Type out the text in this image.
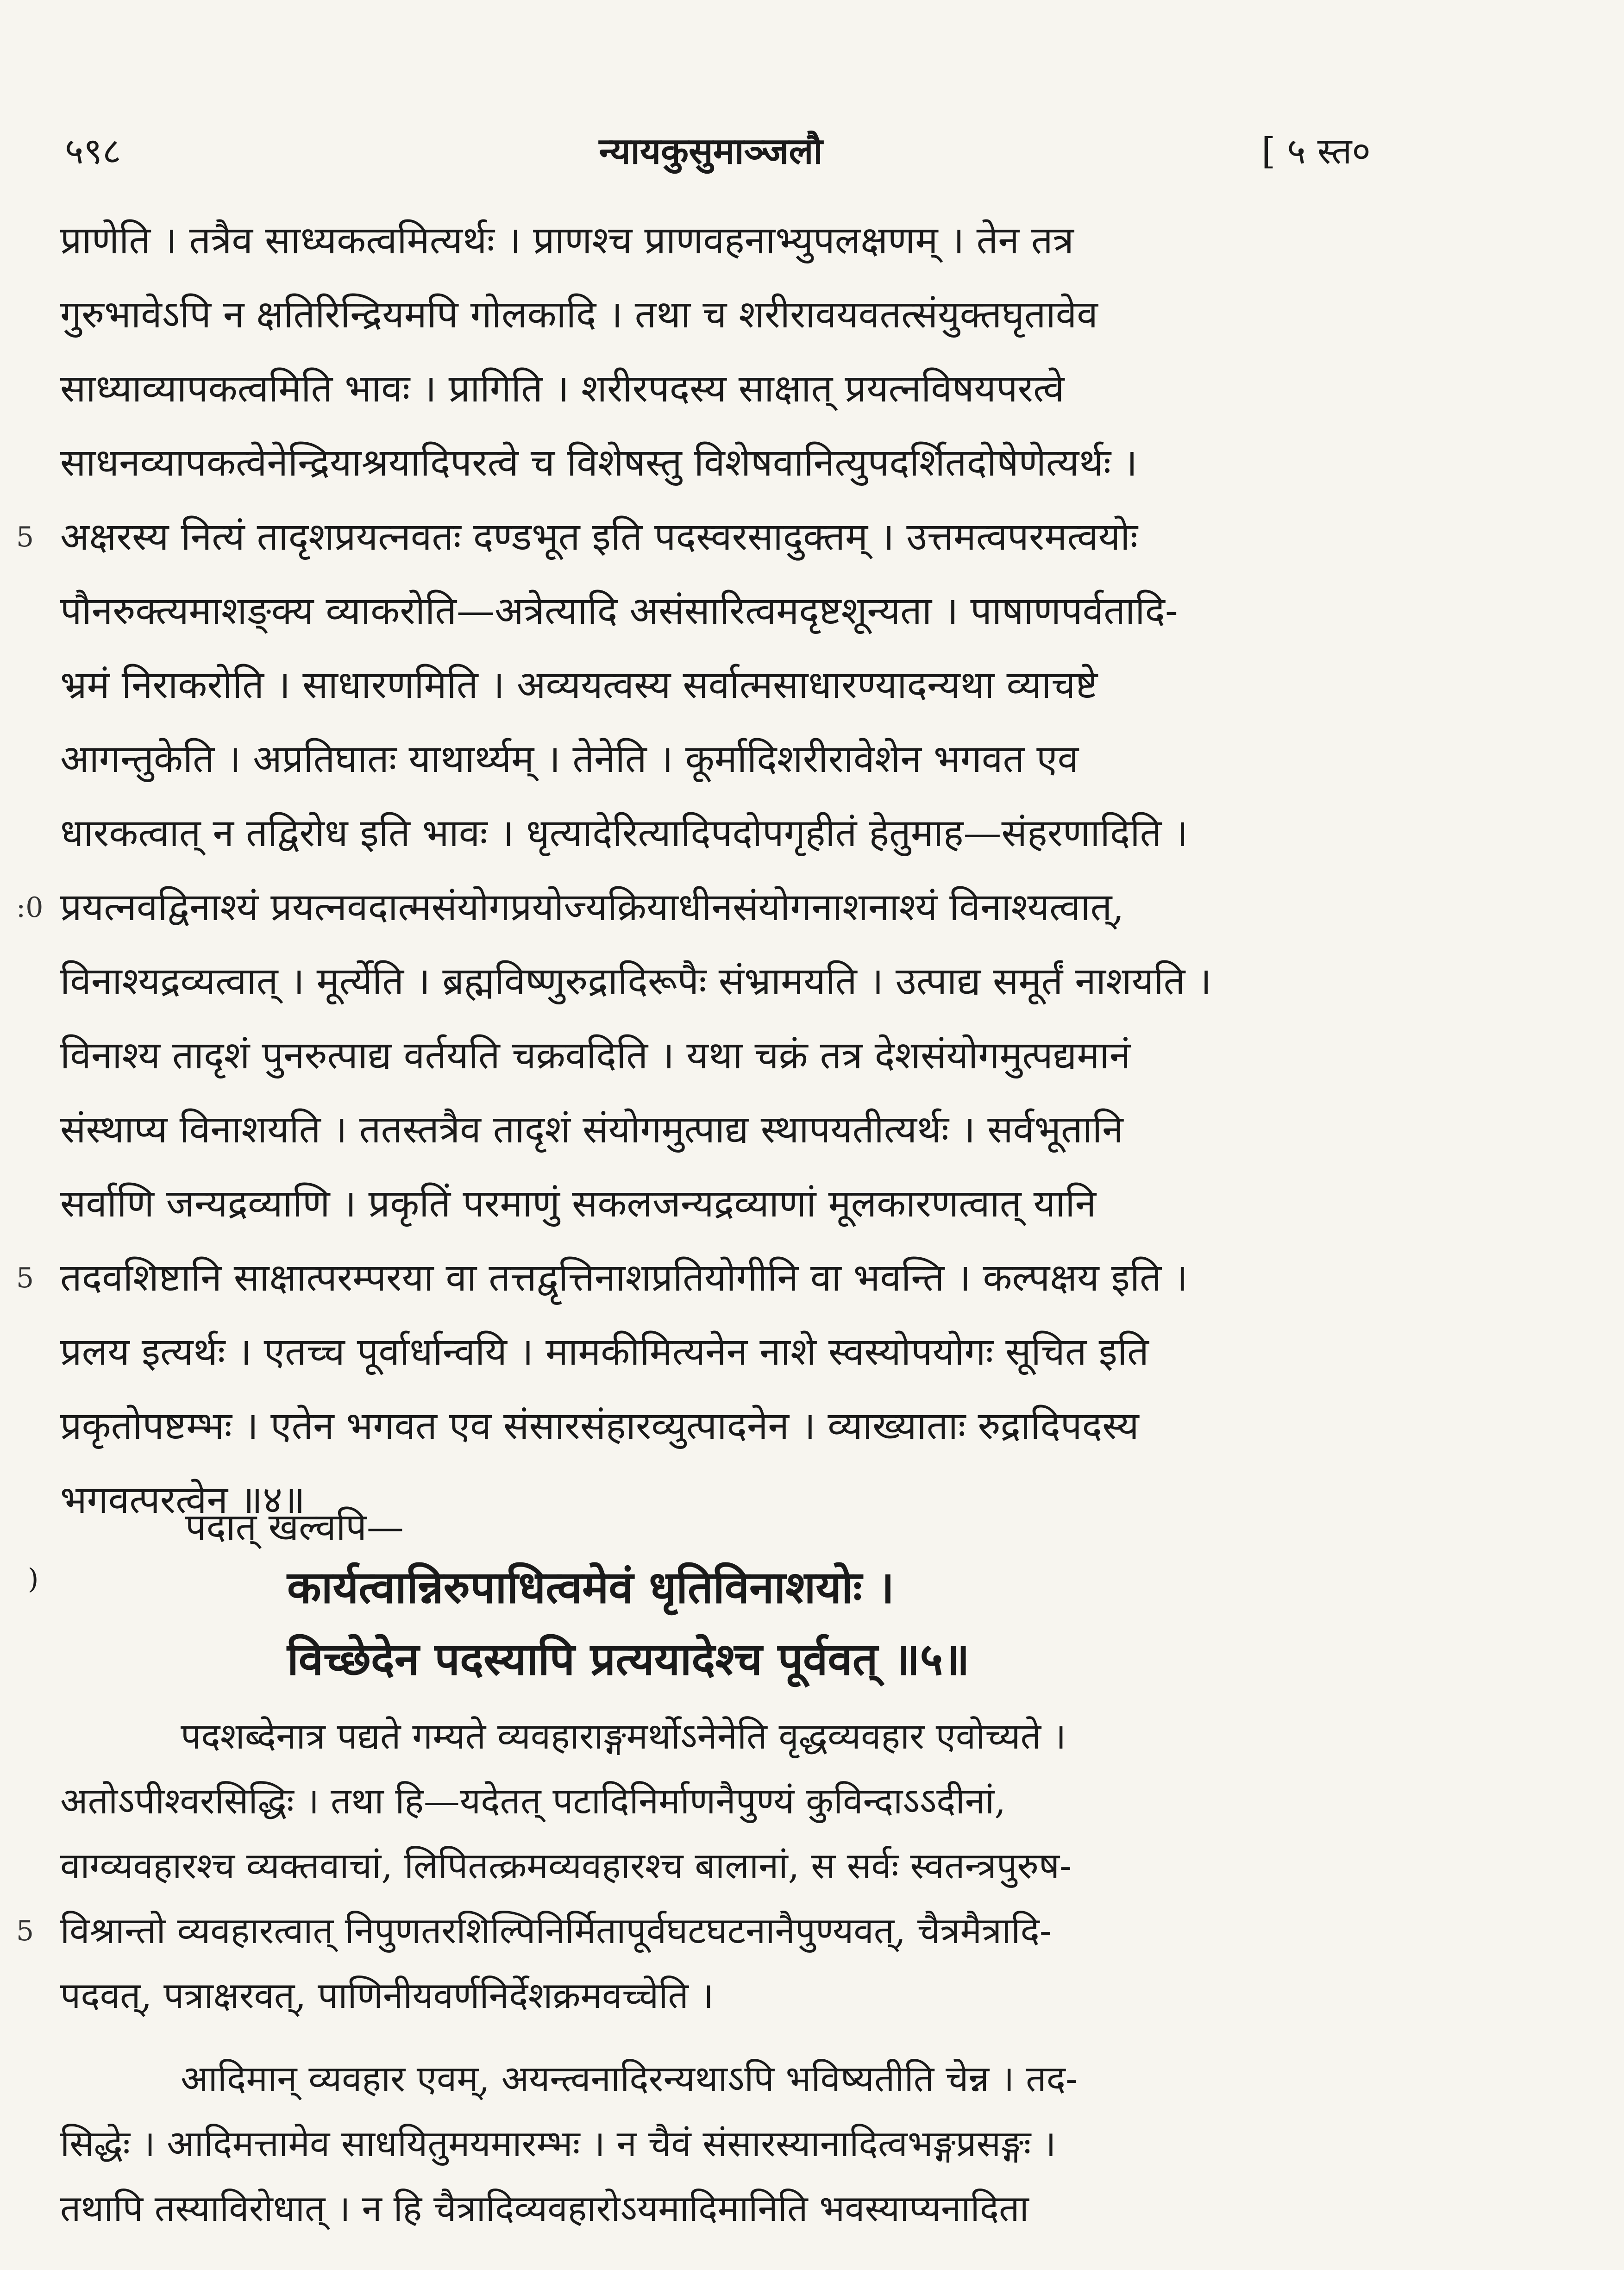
५९८	न्यायकुसुमाञ्जलौ	[ ५ स्त०
प्राणेति । तत्रैव साध्यकत्वमित्यर्थः । प्राणश्च प्राणवहनाभ्युपलक्षणम् । तेन तत्र
गुरुभावेऽपि न क्षतिरिन्द्रियमपि गोलकादि । तथा च शरीरावयवतत्संयुक्तघृतावेव
साध्याव्यापकत्वमिति भावः । प्रागिति । शरीरपदस्य साक्षात् प्रयत्नविषयपरत्वे
साधनव्यापकत्वेनेन्द्रियाश्रयादिपरत्वे च विशेषस्तु विशेषवानित्युपदर्शितदोषेणेत्यर्थः ।
5 अक्षरस्य नित्यं तादृशप्रयत्नवतः दण्डभूत इति पदस्वरसादुक्तम् । उत्तमत्वपरमत्वयोः
पौनरुक्त्यमाशङ्क्य व्याकरोति—अत्रेत्यादि असंसारित्वमदृष्टशून्यता । पाषाणपर्वतादि-
भ्रमं निराकरोति । साधारणमिति । अव्ययत्वस्य सर्वात्मसाधारण्यादन्यथा व्याचष्टे
आगन्तुकेति । अप्रतिघातः याथार्थ्यम् । तेनेति । कूर्मादिशरीरावेशेन भगवत एव
धारकत्वात् न तद्विरोध इति भावः । धृत्यादेरित्यादिपदोपगृहीतं हेतुमाह—संहरणादिति ।
:0 प्रयत्नवद्विनाश्यं प्रयत्नवदात्मसंयोगप्रयोज्यक्रियाधीनसंयोगनाशनाश्यं विनाश्यत्वात्,
विनाश्यद्रव्यत्वात् । मूर्त्येति । ब्रह्मविष्णुरुद्रादिरूपैः संभ्रामयति । उत्पाद्य समूर्तं नाशयति ।
विनाश्य तादृशं पुनरुत्पाद्य वर्तयति चक्रवदिति । यथा चक्रं तत्र देशसंयोगमुत्पद्यमानं
संस्थाप्य विनाशयति । ततस्तत्रैव तादृशं संयोगमुत्पाद्य स्थापयतीत्यर्थः । सर्वभूतानि
सर्वाणि जन्यद्रव्याणि । प्रकृतिं परमाणुं सकलजन्यद्रव्याणां मूलकारणत्वात् यानि
5 तदवशिष्टानि साक्षात्परम्परया वा तत्तद्वृत्तिनाशप्रतियोगीनि वा भवन्ति । कल्पक्षय इति ।
प्रलय इत्यर्थः । एतच्च पूर्वार्धान्वयि । मामकीमित्यनेन नाशे स्वस्योपयोगः सूचित इति
प्रकृतोपष्टम्भः । एतेन भगवत एव संसारसंहारव्युत्पादनेन । व्याख्याताः रुद्रादिपदस्य
भगवत्परत्वेन ॥४॥
पदात् खल्वपि—
)	कार्यत्वान्निरुपाधित्वमेवं धृतिविनाशयोः ।
विच्छेदेन पदस्यापि प्रत्ययादेश्च पूर्ववत् ॥५॥
पदशब्देनात्र पद्यते गम्यते व्यवहाराङ्गमर्थोऽनेनेति वृद्धव्यवहार एवोच्यते ।
अतोऽपीश्वरसिद्धिः । तथा हि—यदेतत् पटादिनिर्माणनैपुण्यं कुविन्दाऽऽदीनां,
वाग्व्यवहारश्च व्यक्तवाचां, लिपितत्क्रमव्यवहारश्च बालानां, स सर्वः स्वतन्त्रपुरुष-
5 विश्रान्तो व्यवहारत्वात् निपुणतरशिल्पिनिर्मितापूर्वघटघटनानैपुण्यवत्, चैत्रमैत्रादि-
पदवत्, पत्राक्षरवत्, पाणिनीयवर्णनिर्देशक्रमवच्चेति ।
आदिमान् व्यवहार एवम्, अयन्त्वनादिरन्यथाऽपि भविष्यतीति चेन्न । तद-
सिद्धेः । आदिमत्तामेव साधयितुमयमारम्भः । न चैवं संसारस्यानादित्वभङ्गप्रसङ्गः ।
तथापि तस्याविरोधात् । न हि चैत्रादिव्यवहारोऽयमादिमानिति भवस्याप्यनादिता
